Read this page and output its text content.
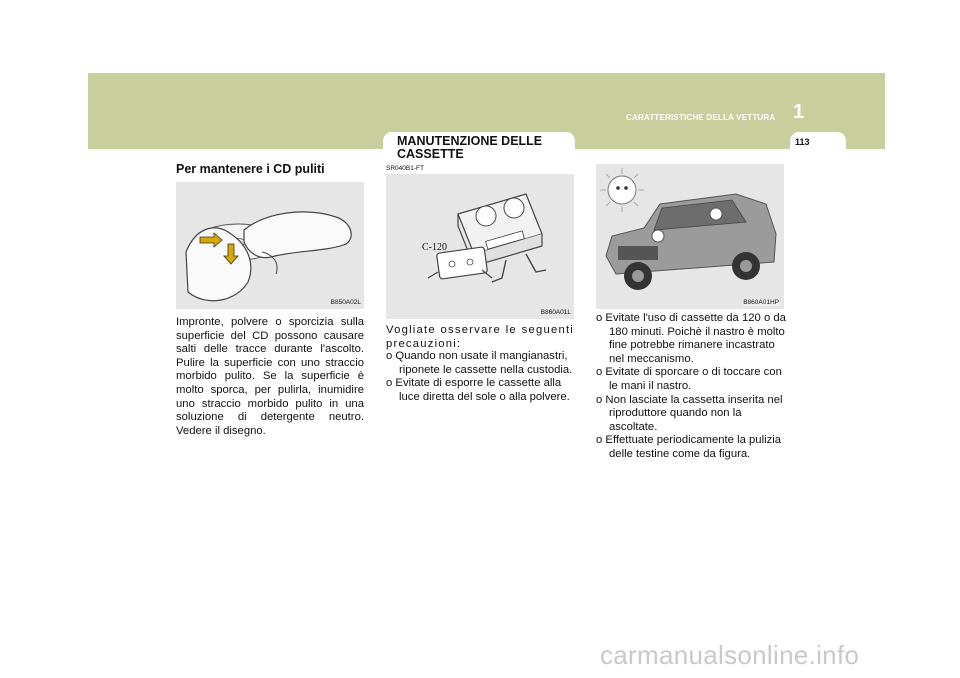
CARATTERISTICHE DELLA VETTURA 1
113
Per mantenere i CD puliti
B850A02L

Impronte, polvere o sporcizia sulla superficie del CD possono causare salti delle tracce durante l'ascolto. Pulire la superficie con uno straccio morbido pulito. Se la superficie è molto sporca, per pulirla, inumidire uno straccio morbido pulito in una soluzione di detergente neutro. Vedere il disegno.

MANUTENZIONE DELLE
CASSETTE
SR040B1-FT
C-120
B860A01L
Vogliate osservare le seguenti precauzioni:
o Quando non usate il mangianastri, riponete le cassette nella custodia.
o Evitate di esporre le cassette alla luce diretta del sole o alla polvere.
B860A01HP
o Evitate l'uso di cassette da 120 o da 180 minuti. Poichè il nastro è molto fine potrebbe rimanere incastrato nel meccanismo.
o Evitate di sporcare o di toccare con le mani il nastro.
o Non lasciate la cassetta inserita nel riproduttore quando non la ascoltate.
o Effettuate periodicamente la pulizia delle testine come da figura.
carmanualsonline.info
